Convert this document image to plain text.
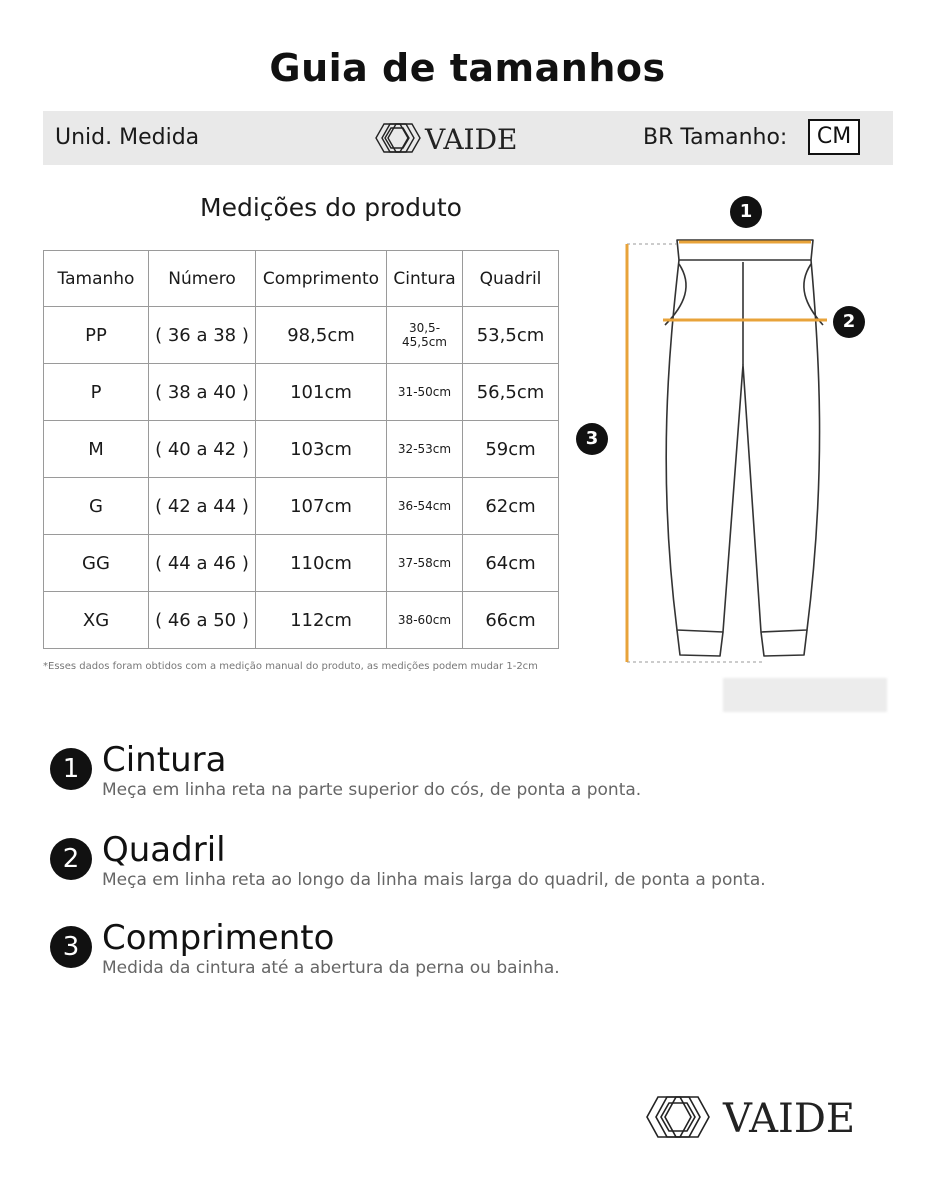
Guia de tamanhos
Unid. Medida	VAIDE	BR Tamanho:	CM
Medições do produto
Tamanho	Número	Comprimento	Cintura	Quadril
PP	( 36 a 38 )	98,5cm	30,5-45,5cm	53,5cm
P	( 38 a 40 )	101cm	31-50cm	56,5cm
M	( 40 a 42 )	103cm	32-53cm	59cm
G	( 42 a 44 )	107cm	36-54cm	62cm
GG	( 44 a 46 )	110cm	37-58cm	64cm
XG	( 46 a 50 )	112cm	38-60cm	66cm
*Esses dados foram obtidos com a medição manual do produto, as medições podem mudar 1-2cm
1
2
3
1 Cintura
Meça em linha reta na parte superior do cós, de ponta a ponta.
2 Quadril
Meça em linha reta ao longo da linha mais larga do quadril, de ponta a ponta.
3 Comprimento
Medida da cintura até a abertura da perna ou bainha.
VAIDE
